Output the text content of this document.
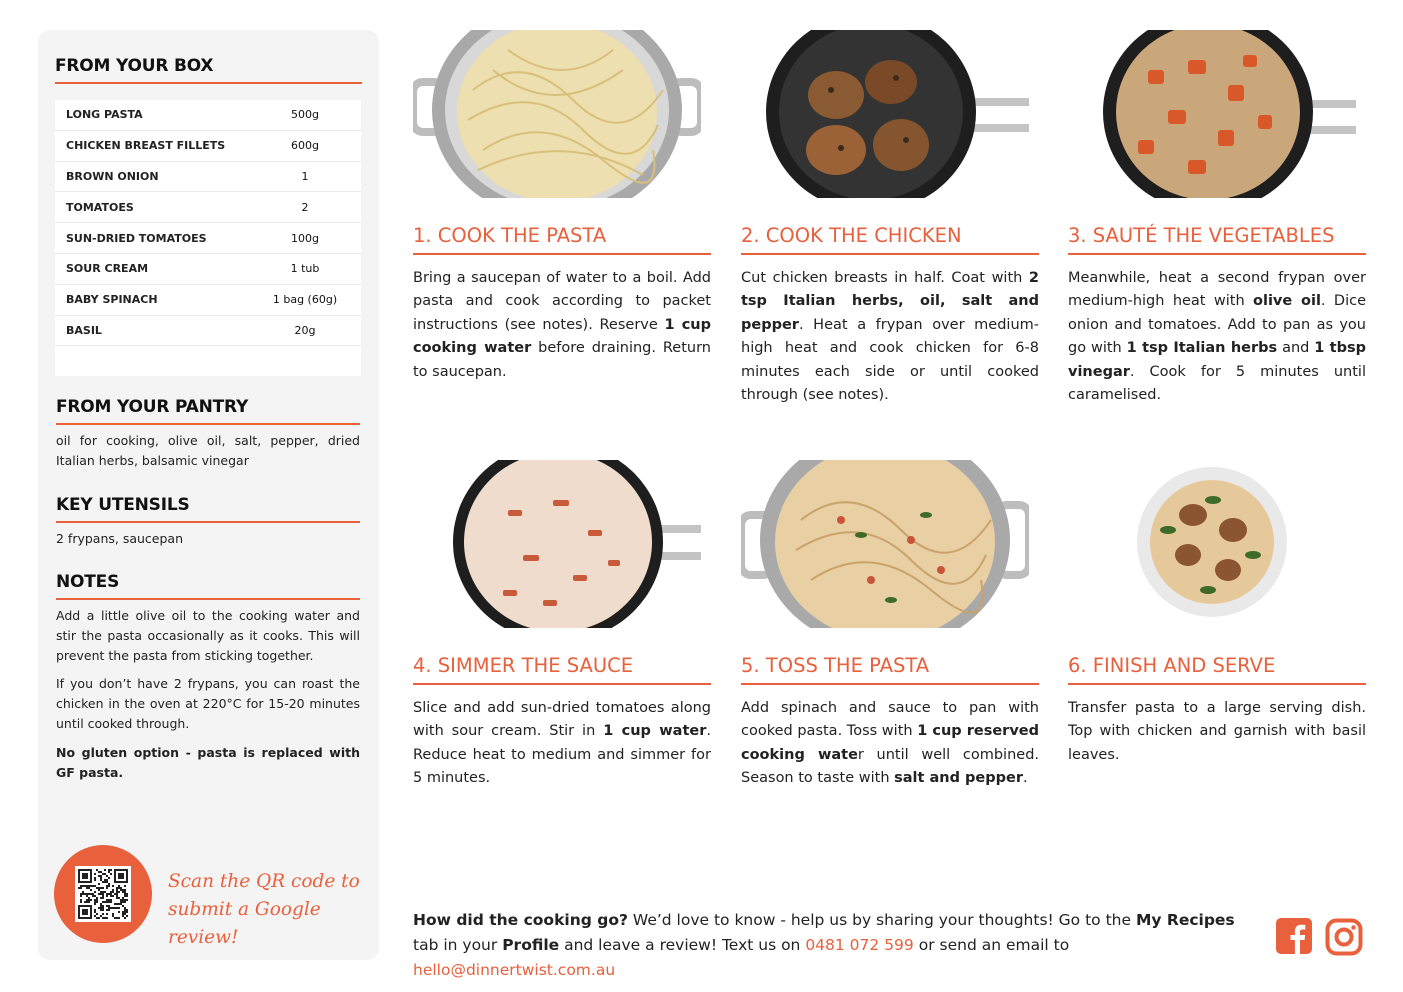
FROM YOUR BOX
LONG PASTA	500g
CHICKEN BREAST FILLETS	600g
BROWN ONION	1
TOMATOES	2
SUN-DRIED TOMATOES	100g
SOUR CREAM	1 tub
BABY SPINACH	1 bag (60g)
BASIL	20g
FROM YOUR PANTRY
oil for cooking, olive oil, salt, pepper, dried Italian herbs, balsamic vinegar
KEY UTENSILS
2 frypans, saucepan
NOTES
Add a little olive oil to the cooking water and stir the pasta occasionally as it cooks. This will prevent the pasta from sticking together.
If you don’t have 2 frypans, you can roast the chicken in the oven at 220°C for 15-20 minutes until cooked through.
No gluten option - pasta is replaced with GF pasta.
Scan the QR code to
submit a Google review!
1. COOK THE PASTA
Bring a saucepan of water to a boil. Add pasta and cook according to packet instructions (see notes). Reserve 1 cup cooking water before draining. Return to saucepan.
2. COOK THE CHICKEN
Cut chicken breasts in half. Coat with 2 tsp Italian herbs, oil, salt and pepper. Heat a frypan over medium-high heat and cook chicken for 6-8 minutes each side or until cooked through (see notes).
3. SAUTÉ THE VEGETABLES
Meanwhile, heat a second frypan over medium-high heat with olive oil. Dice onion and tomatoes. Add to pan as you go with 1 tsp Italian herbs and 1 tbsp vinegar. Cook for 5 minutes until caramelised.
4. SIMMER THE SAUCE
Slice and add sun-dried tomatoes along with sour cream. Stir in 1 cup water. Reduce heat to medium and simmer for 5 minutes.
5. TOSS THE PASTA
Add spinach and sauce to pan with cooked pasta. Toss with 1 cup reserved cooking water until well combined. Season to taste with salt and pepper.
6. FINISH AND SERVE
Transfer pasta to a large serving dish. Top with chicken and garnish with basil leaves.
How did the cooking go? We’d love to know - help us by sharing your thoughts! Go to the My Recipes tab in your Profile and leave a review! Text us on 0481 072 599 or send an email to hello@dinnertwist.com.au
